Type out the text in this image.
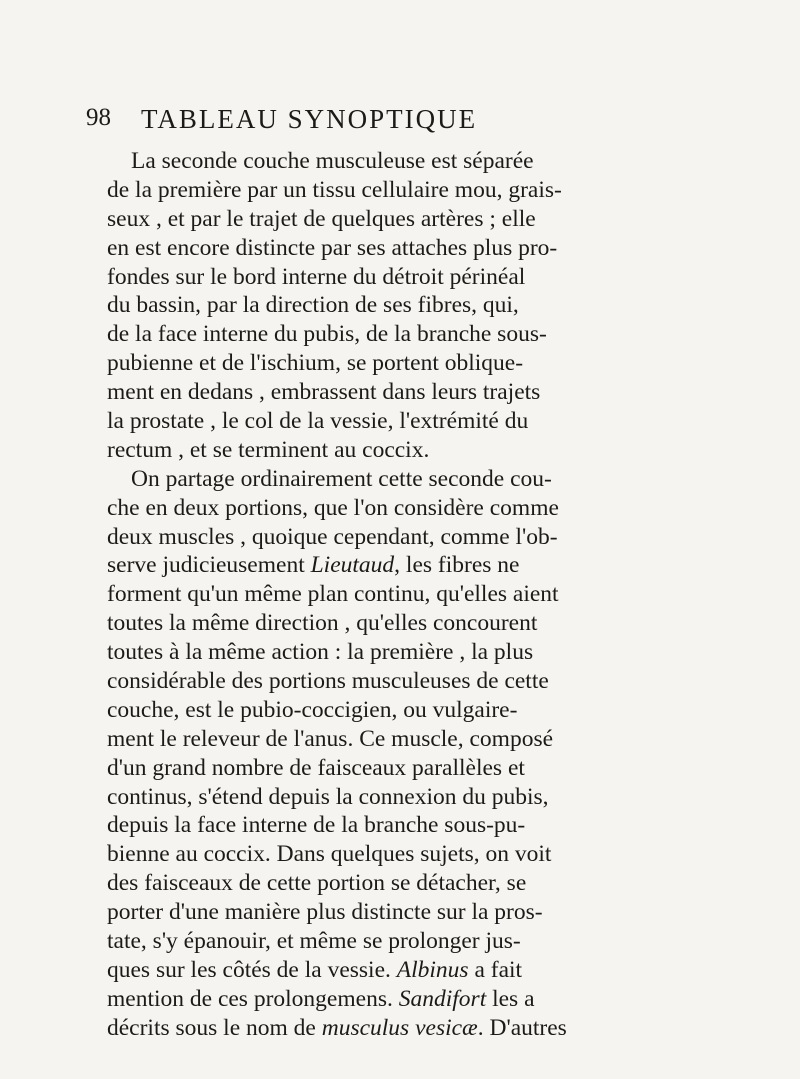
98 TABLEAU SYNOPTIQUE
La seconde couche musculeuse est séparée
de la première par un tissu cellulaire mou, grais-
seux , et par le trajet de quelques artères ; elle
en est encore distincte par ses attaches plus pro-
fondes sur le bord interne du détroit périnéal
du bassin, par la direction de ses fibres, qui,
de la face interne du pubis, de la branche sous-
pubienne et de l'ischium, se portent oblique-
ment en dedans , embrassent dans leurs trajets
la prostate , le col de la vessie, l'extrémité du
rectum , et se terminent au coccix.
On partage ordinairement cette seconde cou-
che en deux portions, que l'on considère comme
deux muscles , quoique cependant, comme l'ob-
serve judicieusement Lieutaud, les fibres ne
forment qu'un même plan continu, qu'elles aient
toutes la même direction , qu'elles concourent
toutes à la même action : la première , la plus
considérable des portions musculeuses de cette
couche, est le pubio-coccigien, ou vulgaire-
ment le releveur de l'anus. Ce muscle, composé
d'un grand nombre de faisceaux parallèles et
continus, s'étend depuis la connexion du pubis,
depuis la face interne de la branche sous-pu-
bienne au coccix. Dans quelques sujets, on voit
des faisceaux de cette portion se détacher, se
porter d'une manière plus distincte sur la pros-
tate, s'y épanouir, et même se prolonger jus-
ques sur les côtés de la vessie. Albinus a fait
mention de ces prolongemens. Sandifort les a
décrits sous le nom de musculus vesicæ. D'autres
